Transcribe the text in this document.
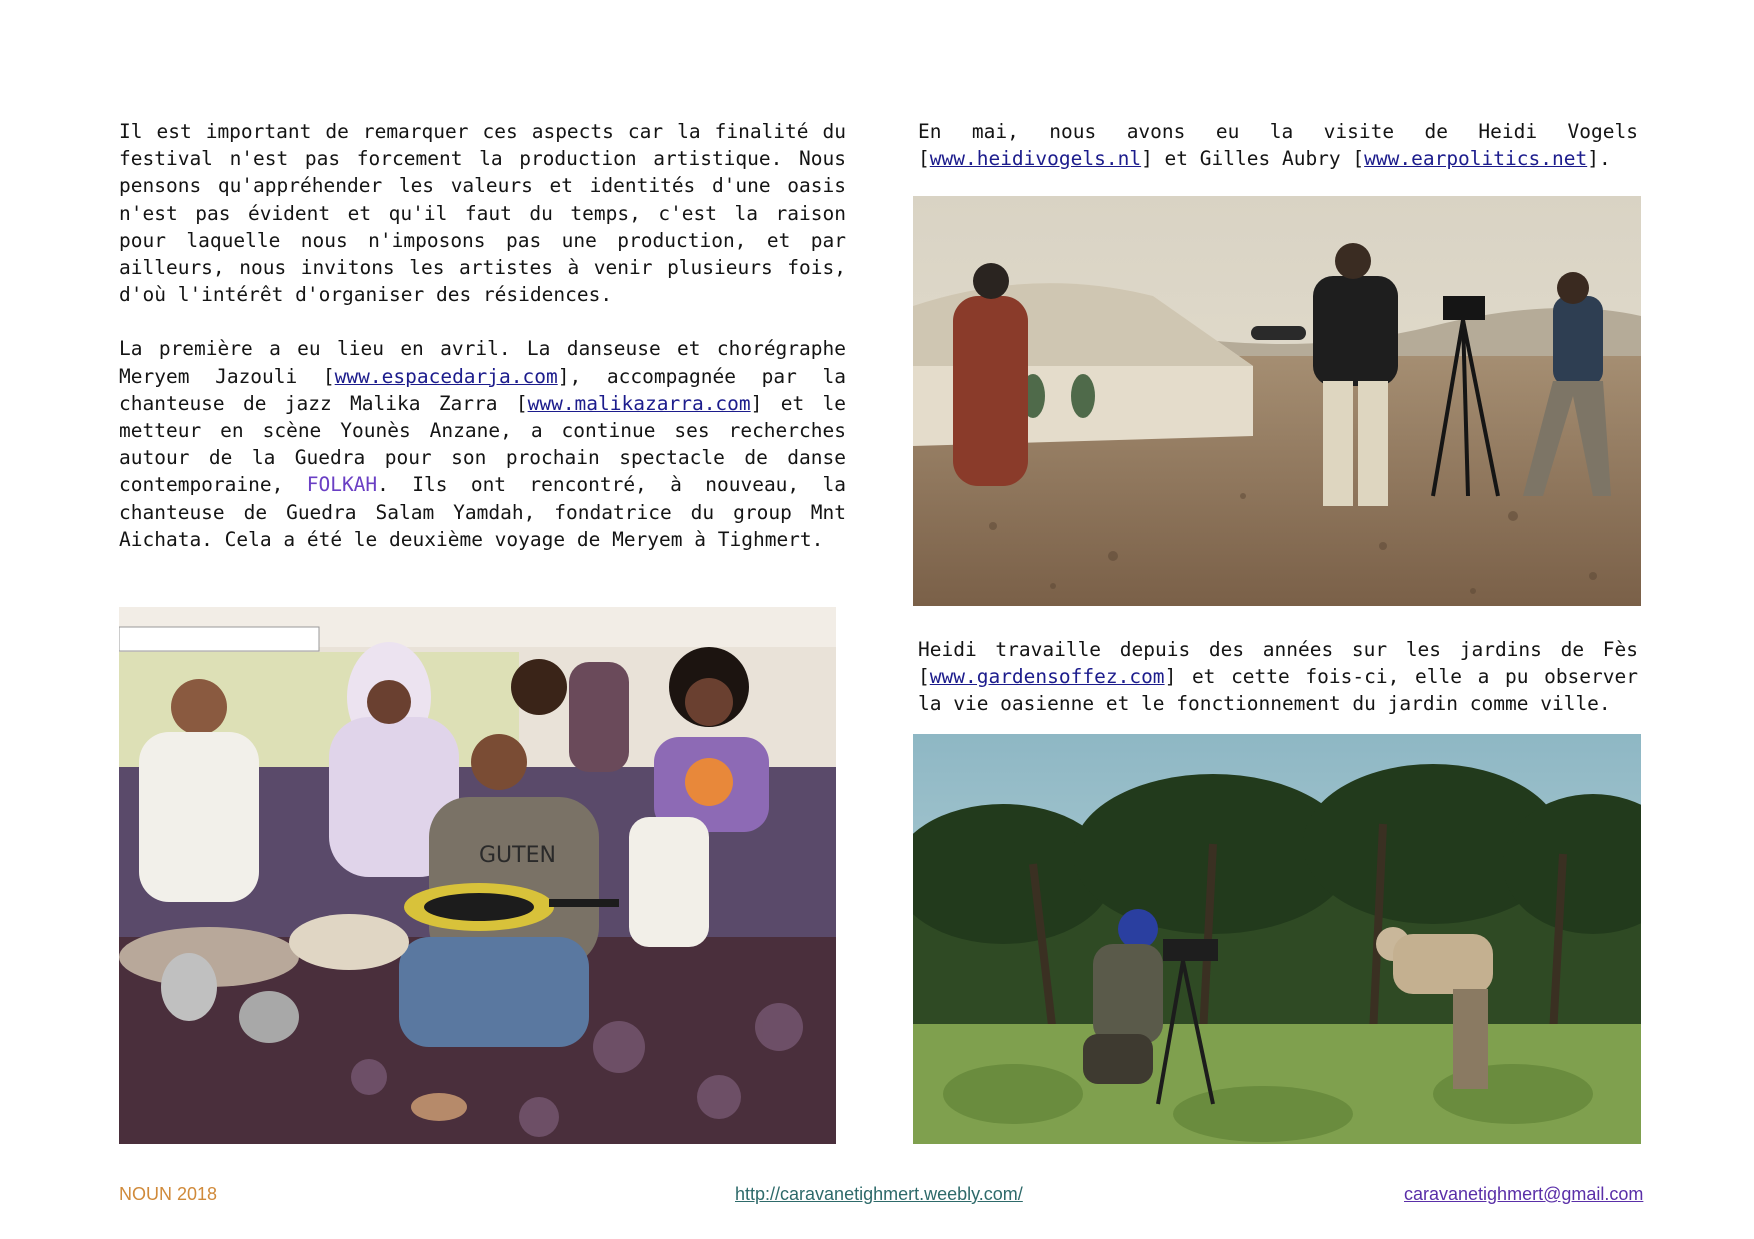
Il est important de remarquer ces aspects car la finalité du festival n'est pas forcement la production artistique. Nous pensons qu'appréhender les valeurs et identités d'une oasis n'est pas évident et qu'il faut du temps, c'est la raison pour laquelle nous n'imposons pas une production, et par ailleurs, nous invitons les artistes à venir plusieurs fois, d'où l'intérêt d'organiser des résidences.

La première a eu lieu en avril. La danseuse et chorégraphe Meryem Jazouli [www.espacedarja.com], accompagnée par la chanteuse de jazz Malika Zarra [www.malikazarra.com] et le metteur en scène Younès Anzane, a continue ses recherches autour de la Guedra pour son prochain spectacle de danse contemporaine, FOLKAH. Ils ont rencontré, à nouveau, la chanteuse de Guedra Salam Yamdah, fondatrice du group Mnt Aichata. Cela a été le deuxième voyage de Meryem à Tighmert.

En mai, nous avons eu la visite de Heidi Vogels [www.heidivogels.nl] et Gilles Aubry [www.earpolitics.net].

Heidi travaille depuis des années sur les jardins de Fès [www.gardensoffez.com] et cette fois-ci, elle a pu observer la vie oasienne et le fonctionnement du jardin comme ville.

GUTEN
NOUN 2018	http://caravanetighmert.weebly.com/	caravanetighmert@gmail.com
